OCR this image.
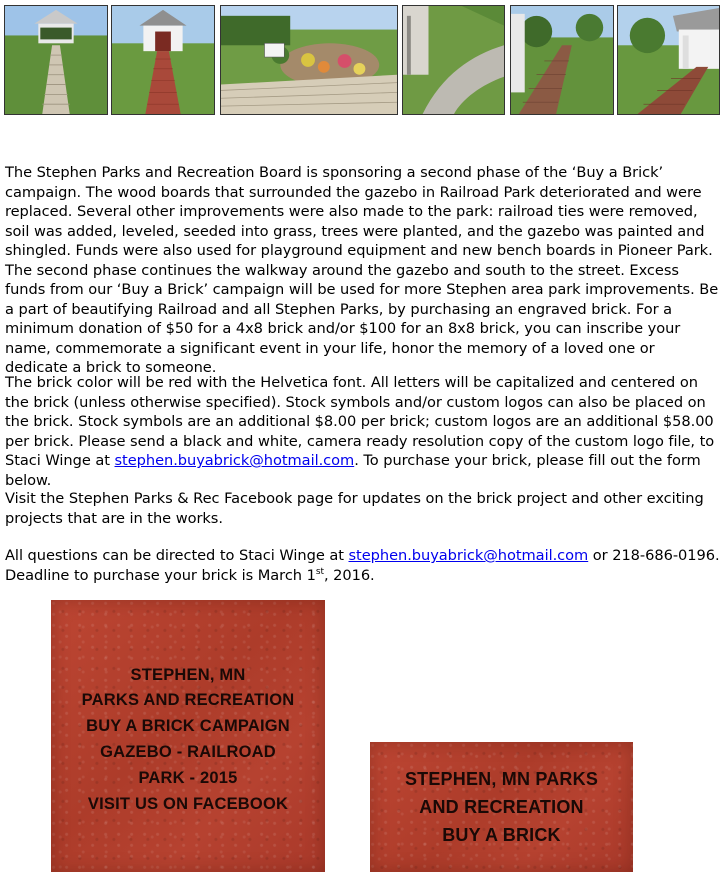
The Stephen Parks and Recreation Board is sponsoring a second phase of the ‘Buy a Brick’ campaign. The wood boards that surrounded the gazebo in Railroad Park deteriorated and were replaced. Several other improvements were also made to the park: railroad ties were removed, soil was added, leveled, seeded into grass, trees were planted, and the gazebo was painted and shingled. Funds were also used for playground equipment and new bench boards in Pioneer Park. The second phase continues the walkway around the gazebo and south to the street. Excess funds from our ‘Buy a Brick’ campaign will be used for more Stephen area park improvements. Be a part of beautifying Railroad and all Stephen Parks, by purchasing an engraved brick. For a minimum donation of $50 for a 4x8 brick and/or $100 for an 8x8 brick, you can inscribe your name, commemorate a significant event in your life, honor the memory of a loved one or dedicate a brick to someone.

The brick color will be red with the Helvetica font. All letters will be capitalized and centered on the brick (unless otherwise specified). Stock symbols and/or custom logos can also be placed on the brick. Stock symbols are an additional $8.00 per brick; custom logos are an additional $58.00 per brick. Please send a black and white, camera ready resolution copy of the custom logo file, to Staci Winge at stephen.buyabrick@hotmail.com. To purchase your brick, please fill out the form below.

Visit the Stephen Parks & Rec Facebook page for updates on the brick project and other exciting projects that are in the works.

All questions can be directed to Staci Winge at stephen.buyabrick@hotmail.com or 218-686-0196.
Deadline to purchase your brick is March 1st, 2016.

STEPHEN, MN
PARKS AND RECREATION
BUY A BRICK CAMPAIGN
GAZEBO - RAILROAD
PARK - 2015
VISIT US ON FACEBOOK
STEPHEN, MN PARKS
AND RECREATION
BUY A BRICK
